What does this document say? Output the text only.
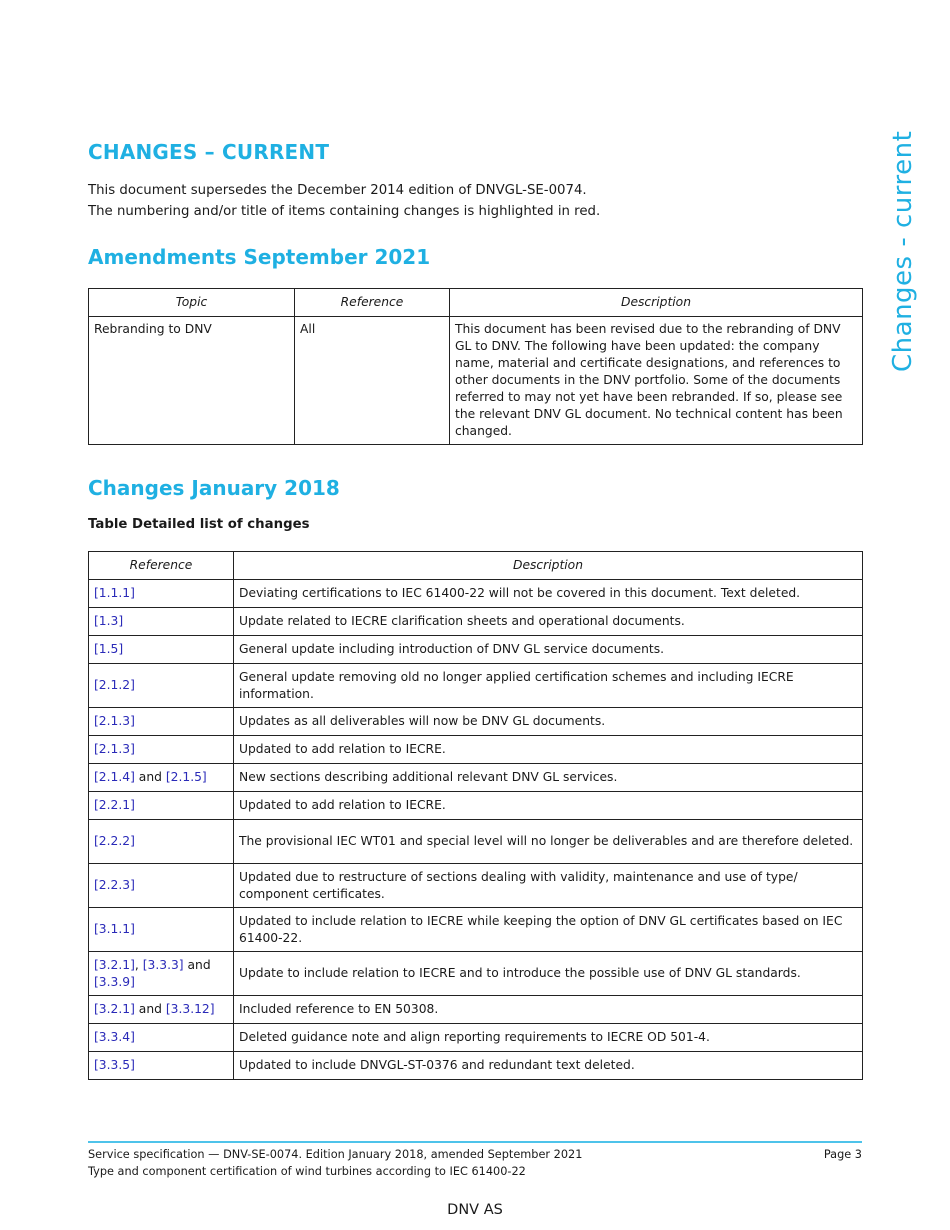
CHANGES – CURRENT
This document supersedes the December 2014 edition of DNVGL-SE-0074.
The numbering and/or title of items containing changes is highlighted in red.	Changes - current
Amendments September 2021
Topic	Reference	Description
Rebranding to DNV	All	This document has been revised due to the rebranding of DNV GL to DNV. The following have been updated: the company name, material and certificate designations, and references to other documents in the DNV portfolio. Some of the documents referred to may not yet have been rebranded. If so, please see the relevant DNV GL document. No technical content has been changed.
Changes January 2018
Table Detailed list of changes
Reference	Description
[1.1.1]	Deviating certifications to IEC 61400-22 will not be covered in this document. Text deleted.
[1.3]	Update related to IECRE clarification sheets and operational documents.
[1.5]	General update including introduction of DNV GL service documents.
[2.1.2]	General update removing old no longer applied certification schemes and including IECRE information.
[2.1.3]	Updates as all deliverables will now be DNV GL documents.
[2.1.3]	Updated to add relation to IECRE.
[2.1.4] and [2.1.5]	New sections describing additional relevant DNV GL services.
[2.2.1]	Updated to add relation to IECRE.
[2.2.2]	The provisional IEC WT01 and special level will no longer be deliverables and are therefore deleted.
[2.2.3]	Updated due to restructure of sections dealing with validity, maintenance and use of type/ component certificates.
[3.1.1]	Updated to include relation to IECRE while keeping the option of DNV GL certificates based on IEC 61400-22.
[3.2.1], [3.3.3] and [3.3.9]	Update to include relation to IECRE and to introduce the possible use of DNV GL standards.
[3.2.1] and [3.3.12]	Included reference to EN 50308.
[3.3.4]	Deleted guidance note and align reporting requirements to IECRE OD 501-4.
[3.3.5]	Updated to include DNVGL-ST-0376 and redundant text deleted.
Service specification — DNV-SE-0074. Edition January 2018, amended September 2021
Type and component certification of wind turbines according to IEC 61400-22
Page 3
DNV AS
